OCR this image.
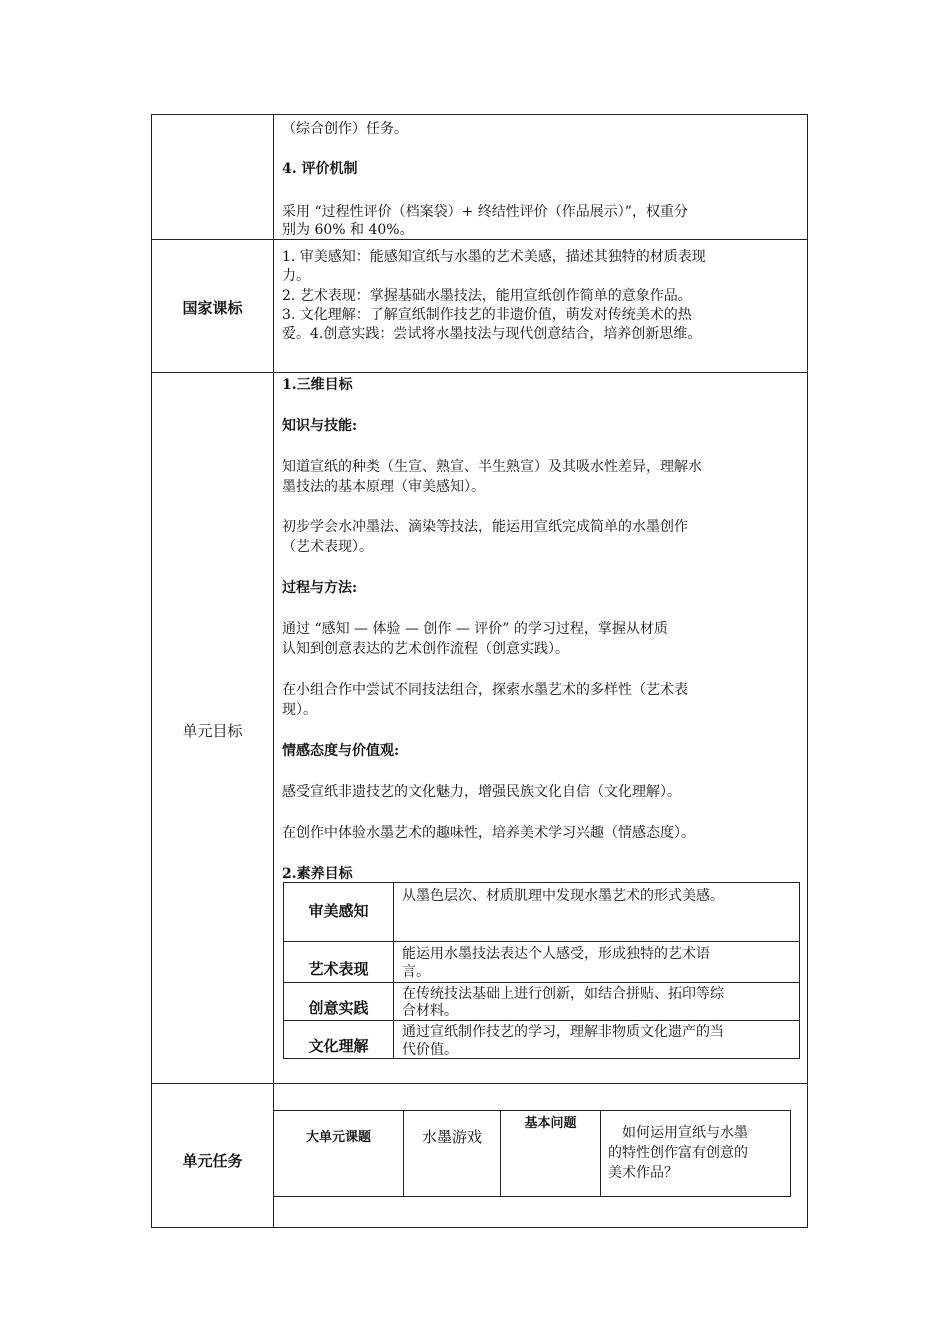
（综合创作）任务。
4. 评价机制
采用 “过程性评价（档案袋）+ 终结性评价（作品展示）”，权重分
别为 60% 和 40%。
国家课标
1. 审美感知：能感知宣纸与水墨的艺术美感，描述其独特的材质表现
力。
2. 艺术表现：掌握基础水墨技法，能用宣纸创作简单的意象作品。
3. 文化理解：了解宣纸制作技艺的非遗价值，萌发对传统美术的热
爱。4.创意实践：尝试将水墨技法与现代创意结合，培养创新思维。
单元目标
1.三维目标
知识与技能:
知道宣纸的种类（生宣、熟宣、半生熟宣）及其吸水性差异，理解水
墨技法的基本原理（审美感知）。
初步学会水冲墨法、滴染等技法，能运用宣纸完成简单的水墨创作
（艺术表现）。
过程与方法:
通过 “感知 — 体验 — 创作 — 评价” 的学习过程，掌握从材质
认知到创意表达的艺术创作流程（创意实践）。
在小组合作中尝试不同技法组合，探索水墨艺术的多样性（艺术表
现）。
情感态度与价值观:
感受宣纸非遗技艺的文化魅力，增强民族文化自信（文化理解）。
在创作中体验水墨艺术的趣味性，培养美术学习兴趣（情感态度）。
2.素养目标
审美感知
从墨色层次、材质肌理中发现水墨艺术的形式美感。
艺术表现
能运用水墨技法表达个人感受，形成独特的艺术语
言。
创意实践
在传统技法基础上进行创新，如结合拼贴、拓印等综
合材料。
文化理解
通过宣纸制作技艺的学习，理解非物质文化遗产的当
代价值。
单元任务
大单元课题	水墨游戏
基本问题
如何运用宣纸与水墨
的特性创作富有创意的
美术作品？
